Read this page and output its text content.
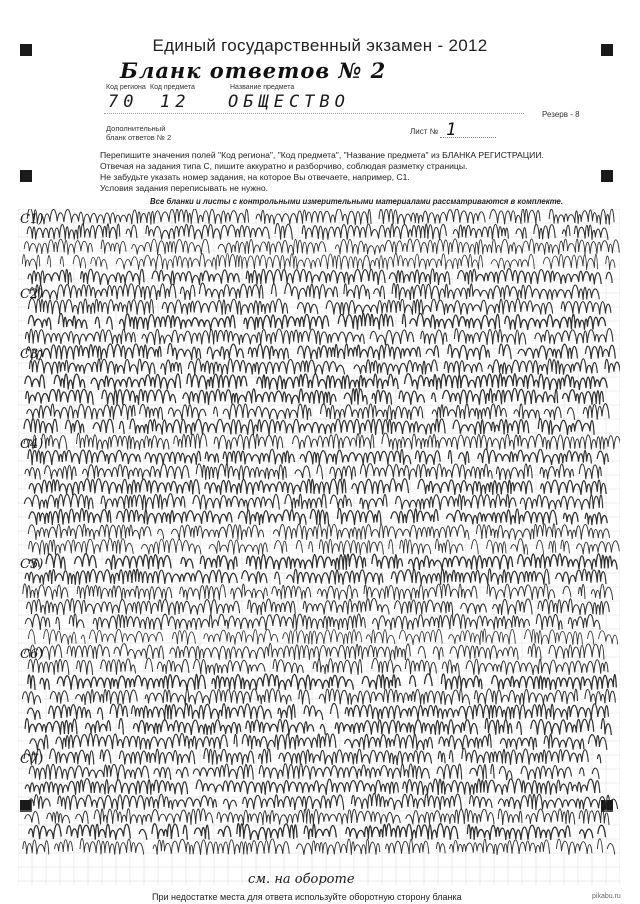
Единый государственный экзамен - 2012
Бланк ответов № 2
Код региона Код предмета	Название предмета
70 12 ОБЩЕСТВО
Резерв - 8
Дополнительный
бланк ответов № 2
Лист № 1
Перепишите значения полей "Код региона", "Код предмета", "Название предмета" из БЛАНКА РЕГИСТРАЦИИ.
Отвечая на задания типа С, пишите аккуратно и разборчиво, соблюдая разметку страницы.
Не забудьте указать номер задания, на которое Вы отвечаете, например, С1.
Условия задания переписывать не нужно.
Все бланки и листы с контрольными измерительными материалами рассматриваются в комплекте.
С1)
С2)
С3)
С4)
С5)
С6)
С7)
см. на обороте
При недостатке места для ответа используйте оборотную сторону бланка	pikabu.ru
